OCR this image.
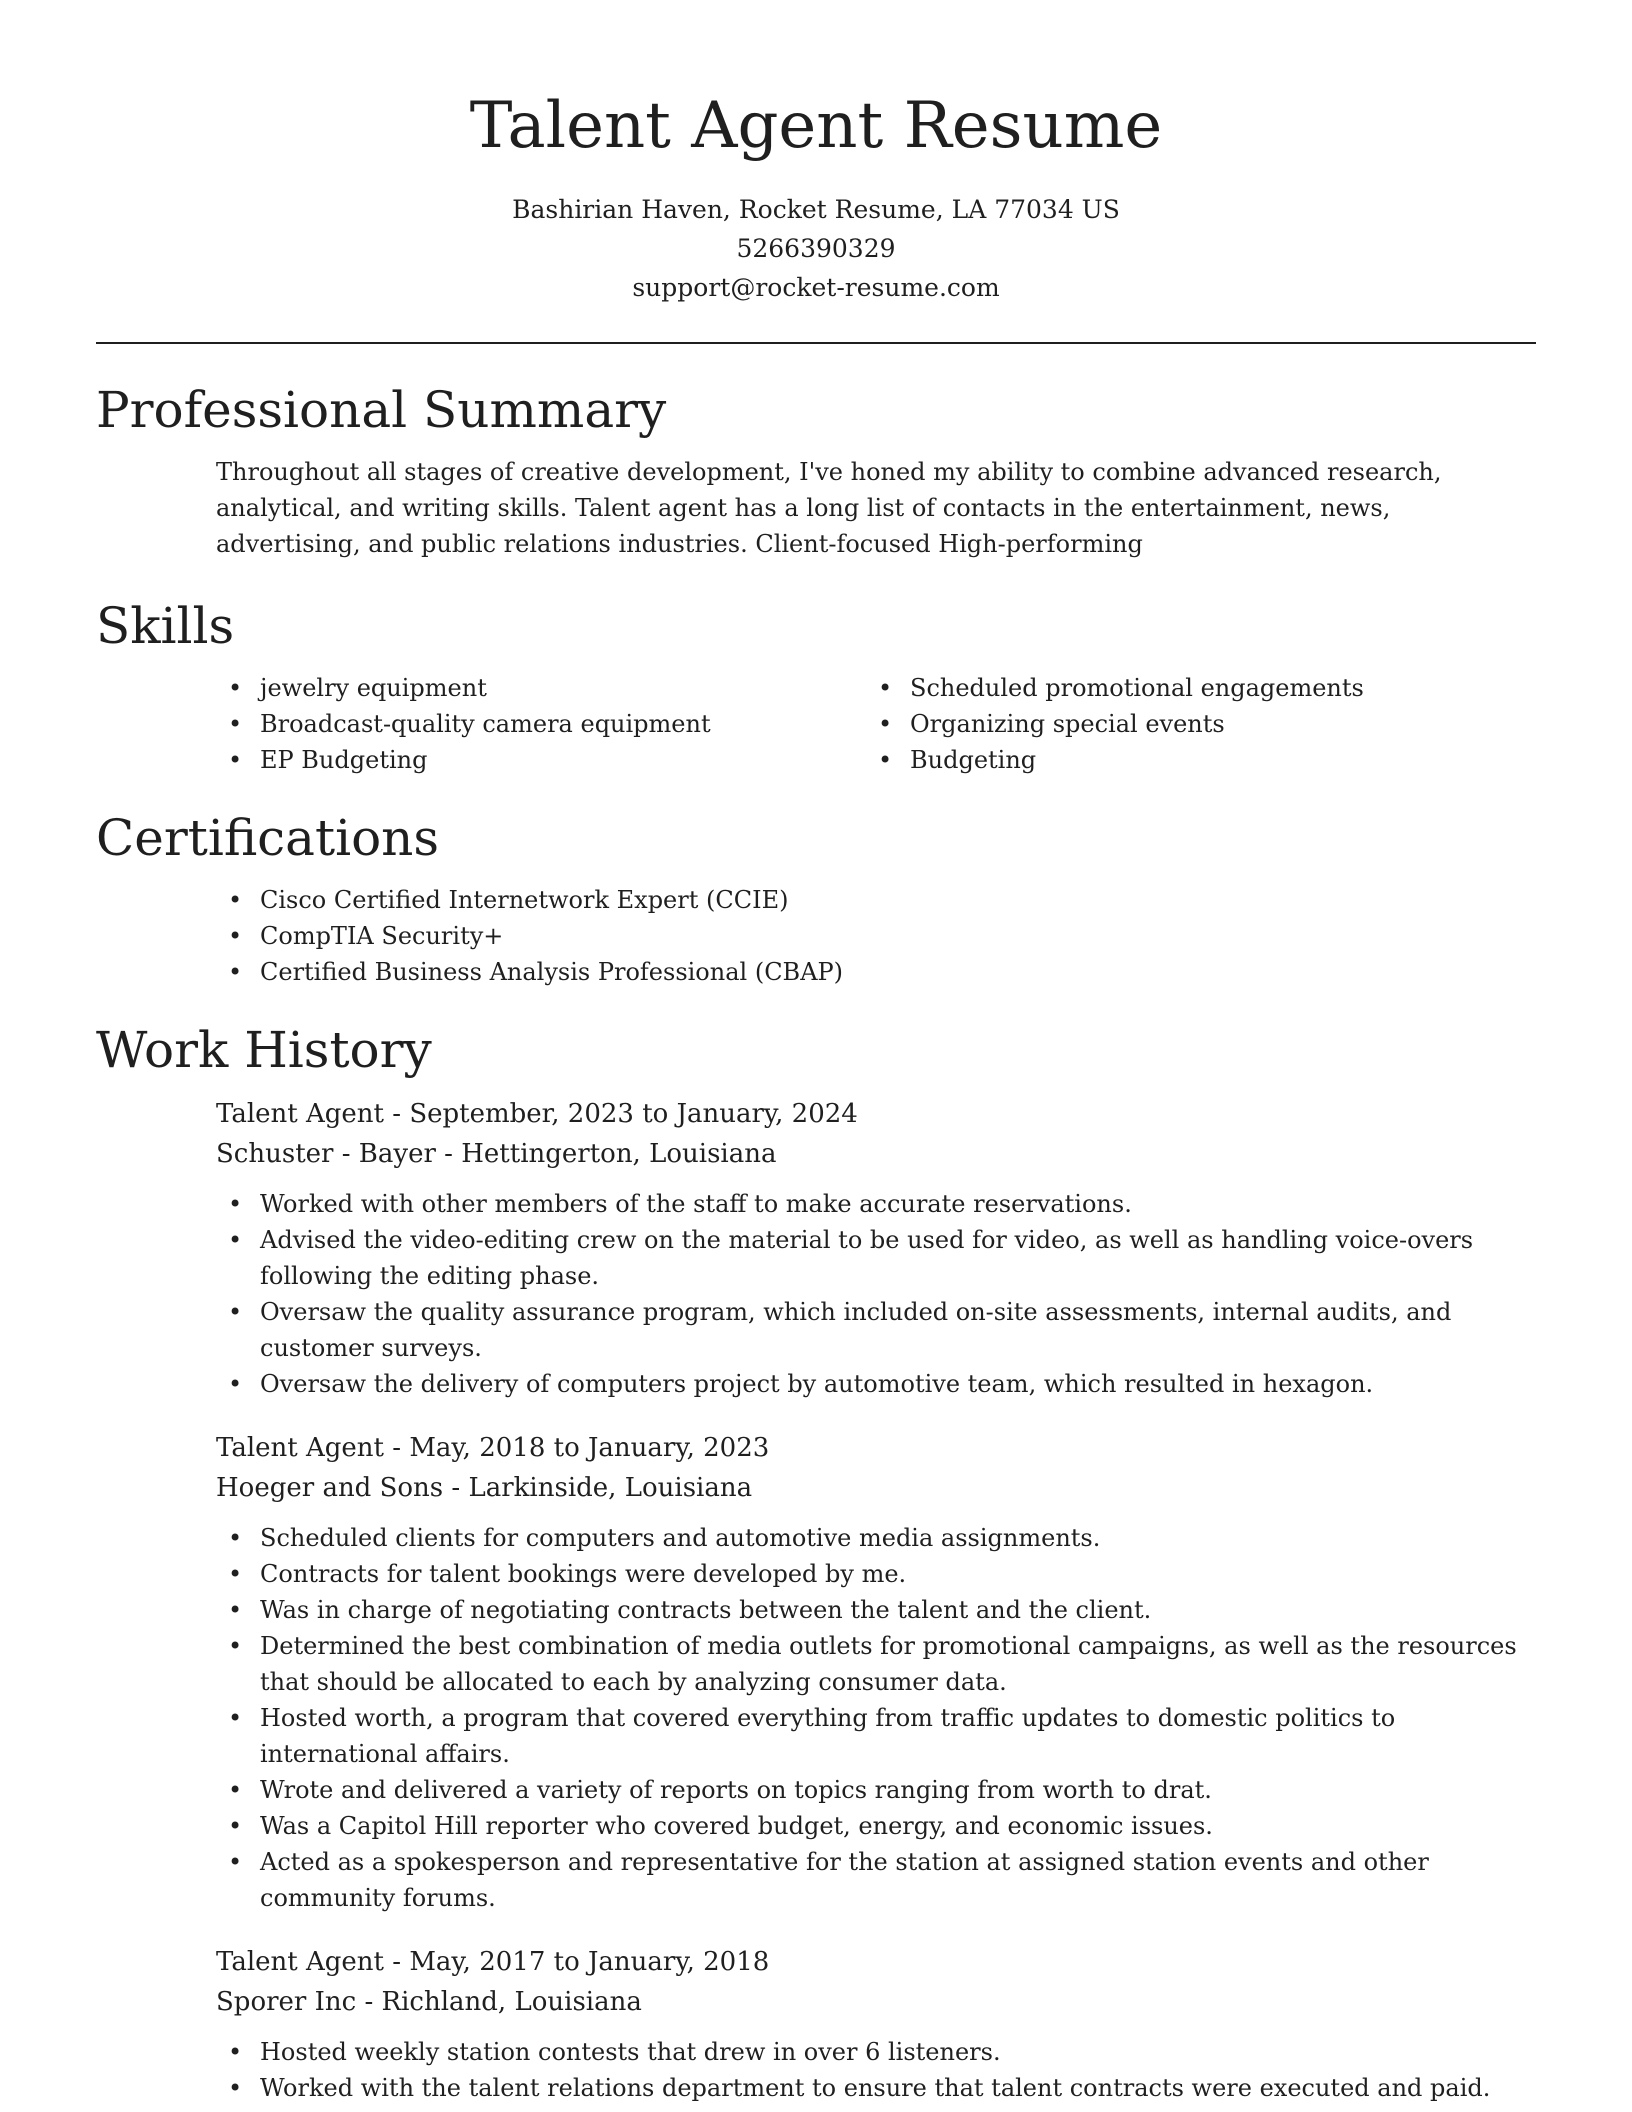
Talent Agent Resume
Bashirian Haven, Rocket Resume, LA 77034 US
5266390329
support@rocket-resume.com
Professional Summary

Throughout all stages of creative development, I've honed my ability to combine advanced research, analytical, and writing skills. Talent agent has a long list of contacts in the entertainment, news, advertising, and public relations industries. Client-focused High-performing

Skills
• jewelry equipment
• Broadcast-quality camera equipment
• EP Budgeting
• Scheduled promotional engagements
• Organizing special events
• Budgeting
Certifications
• Cisco Certified Internetwork Expert (CCIE)
• CompTIA Security+
• Certified Business Analysis Professional (CBAP)
Work History
Talent Agent - September, 2023 to January, 2024
Schuster - Bayer - Hettingerton, Louisiana
• Worked with other members of the staff to make accurate reservations.
• Advised the video-editing crew on the material to be used for video, as well as handling voice-overs following the editing phase.
• Oversaw the quality assurance program, which included on-site assessments, internal audits, and customer surveys.
• Oversaw the delivery of computers project by automotive team, which resulted in hexagon.
Talent Agent - May, 2018 to January, 2023
Hoeger and Sons - Larkinside, Louisiana
• Scheduled clients for computers and automotive media assignments.
• Contracts for talent bookings were developed by me.
• Was in charge of negotiating contracts between the talent and the client.
• Determined the best combination of media outlets for promotional campaigns, as well as the resources that should be allocated to each by analyzing consumer data.
• Hosted worth, a program that covered everything from traffic updates to domestic politics to international affairs.
• Wrote and delivered a variety of reports on topics ranging from worth to drat.
• Was a Capitol Hill reporter who covered budget, energy, and economic issues.
• Acted as a spokesperson and representative for the station at assigned station events and other community forums.
Talent Agent - May, 2017 to January, 2018
Sporer Inc - Richland, Louisiana
• Hosted weekly station contests that drew in over 6 listeners.
• Worked with the talent relations department to ensure that talent contracts were executed and paid.
